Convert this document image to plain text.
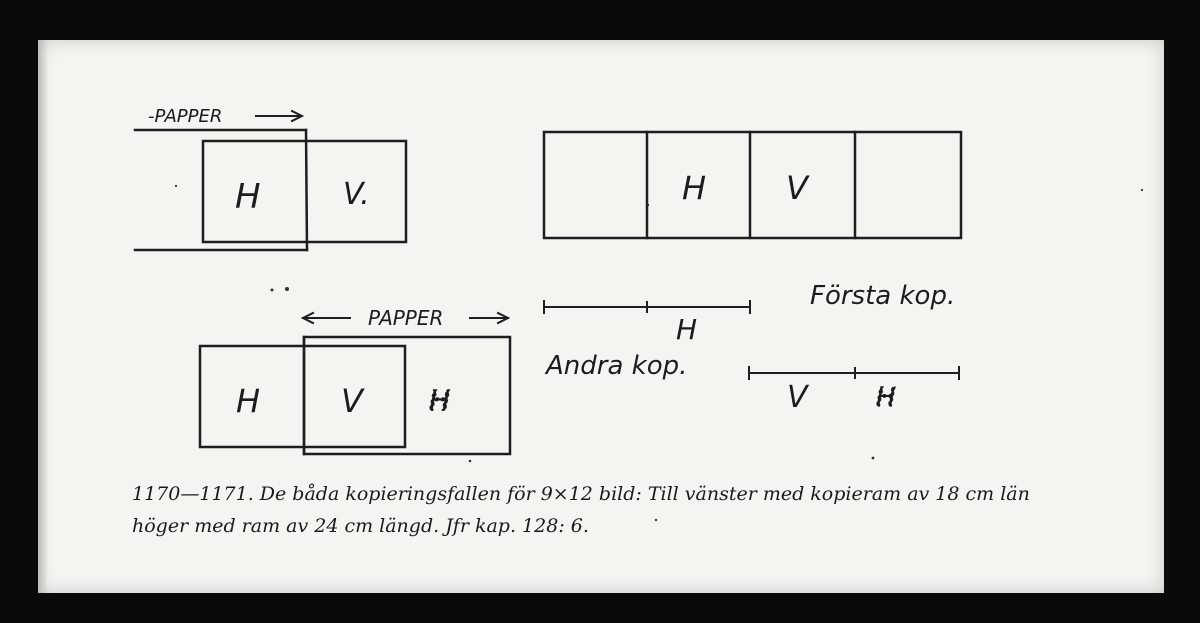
-PAPPER
H	V.	H V
PAPPER
H	V H
Första kop.
H
Andra kop.
V	H
1170—1171. De båda kopieringsfallen för 9×12 bild: Till vänster med kopieram av 18 cm län
höger med ram av 24 cm längd. Jfr kap. 128: 6.
